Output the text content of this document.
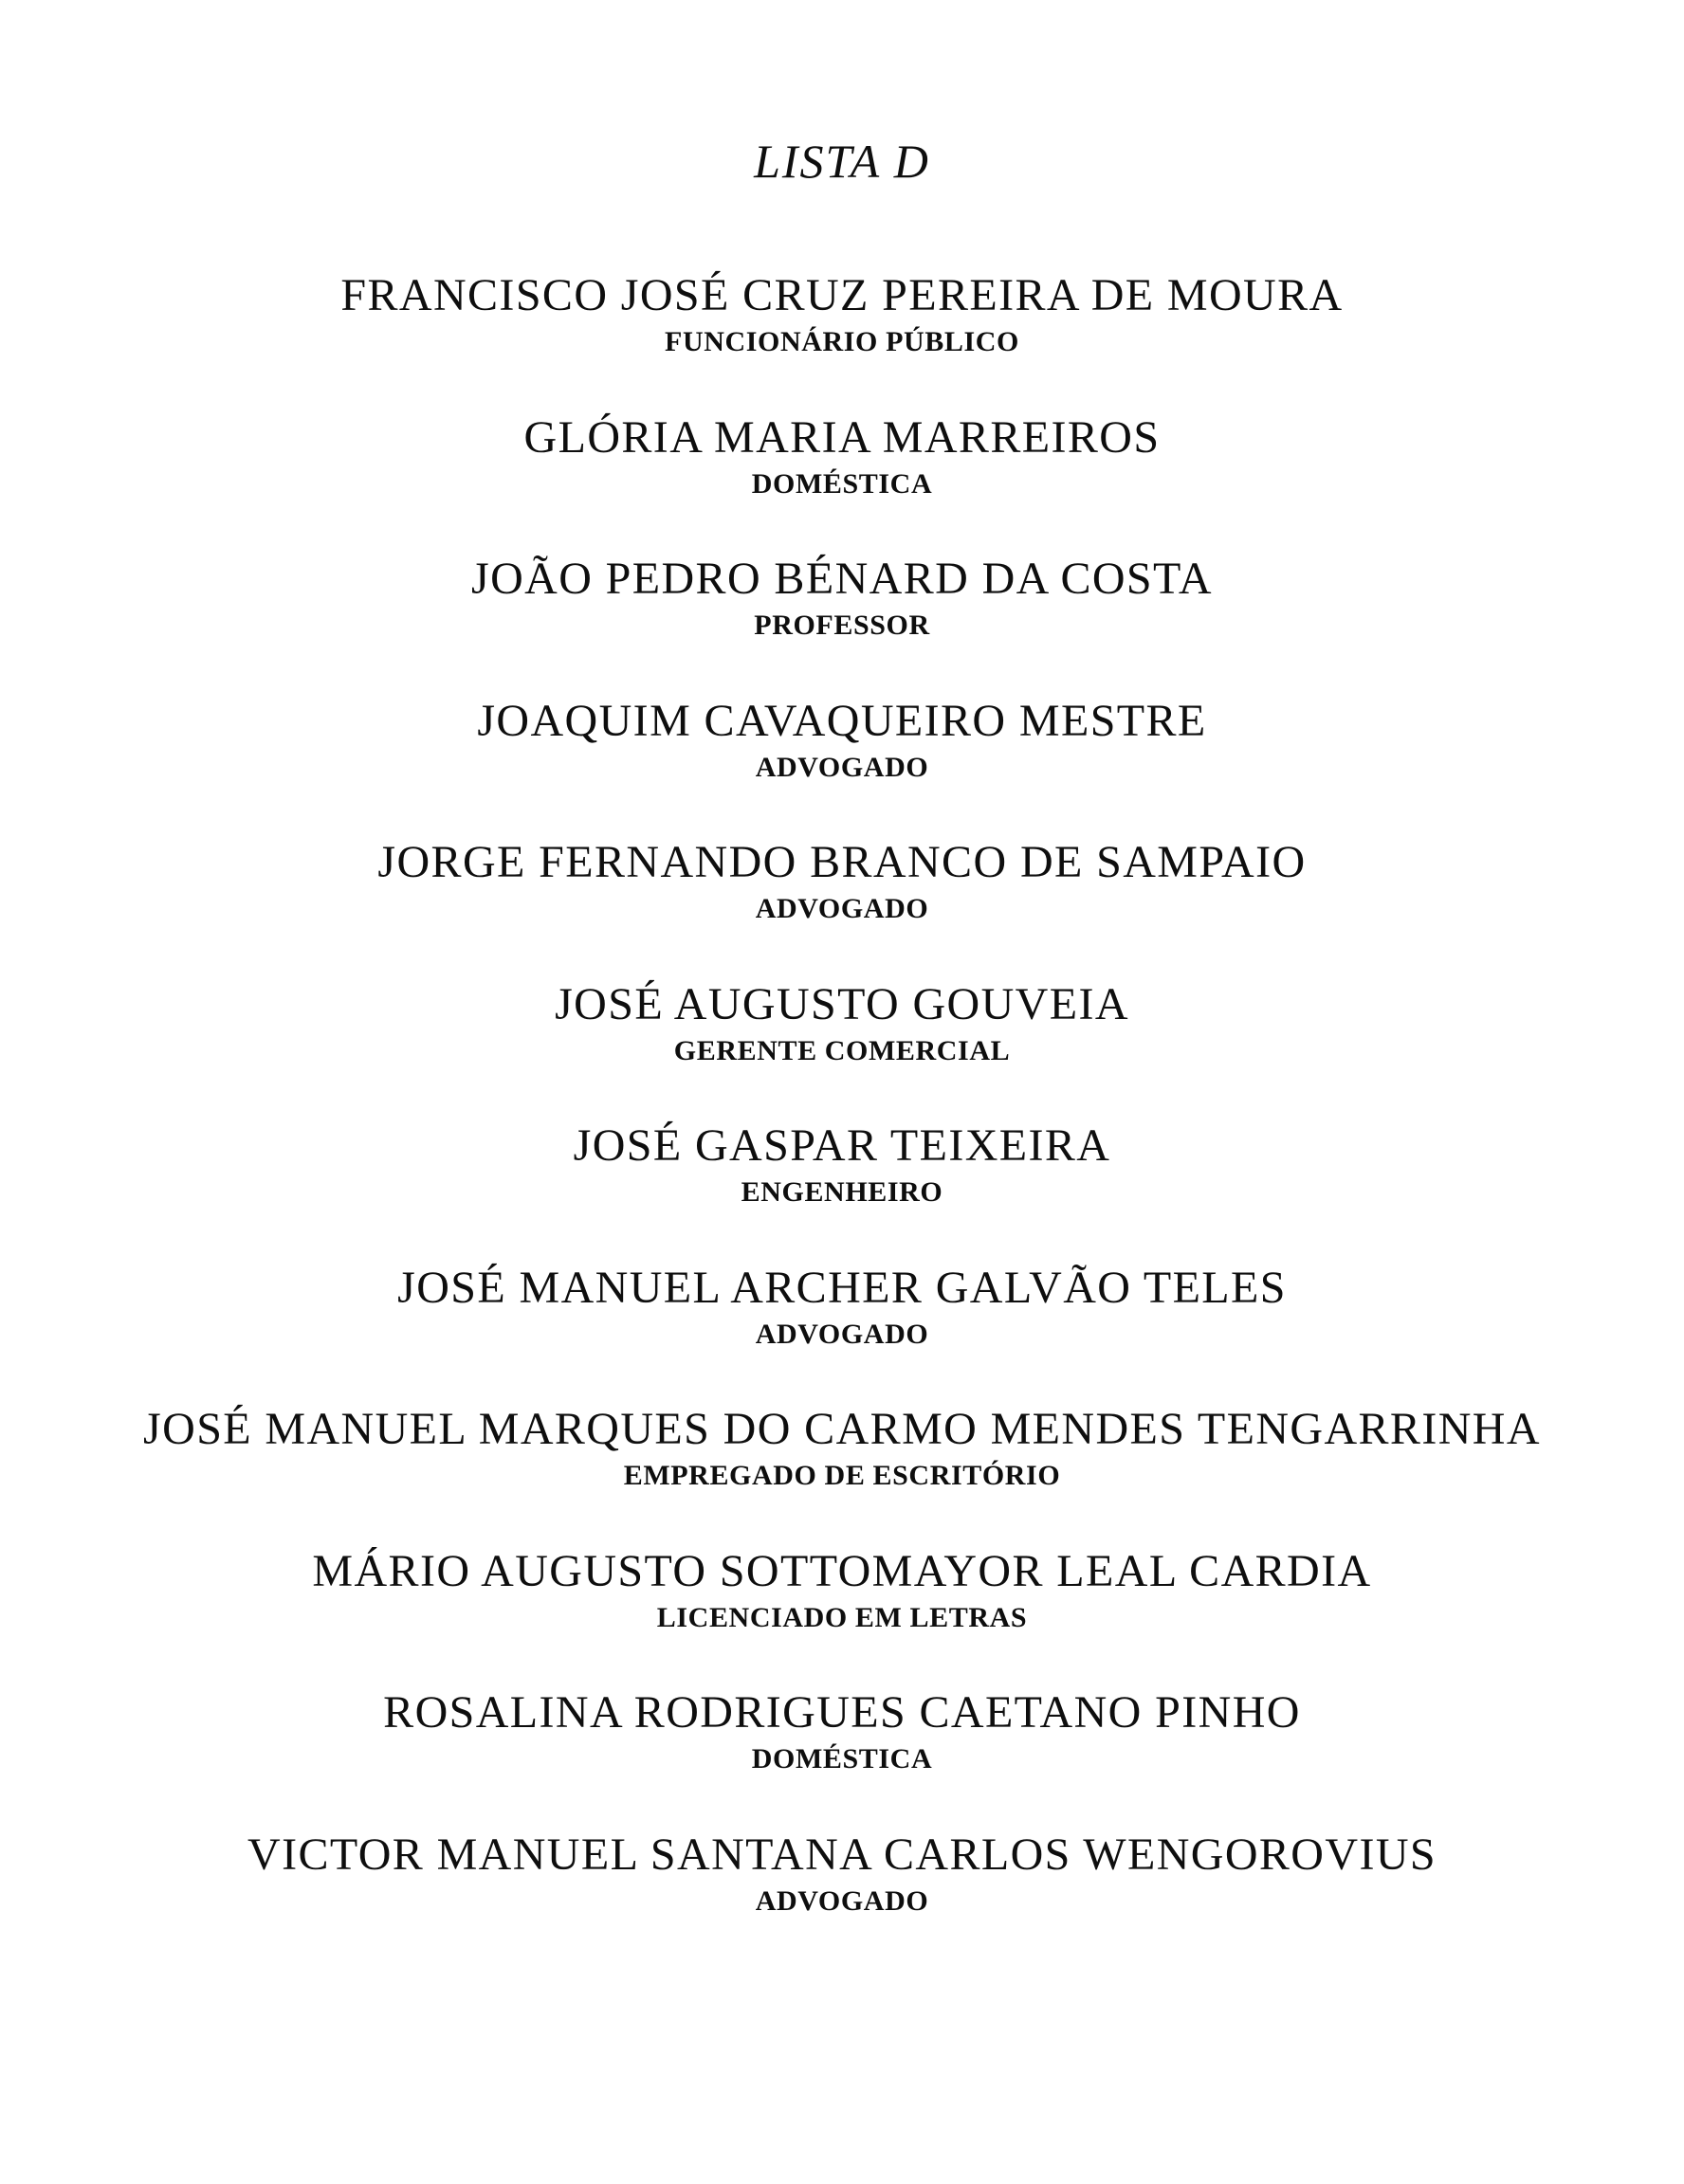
LISTA D
FRANCISCO JOSÉ CRUZ PEREIRA DE MOURA
FUNCIONÁRIO PÚBLICO
GLÓRIA MARIA MARREIROS
DOMÉSTICA
JOÃO PEDRO BÉNARD DA COSTA
PROFESSOR
JOAQUIM CAVAQUEIRO MESTRE
ADVOGADO
JORGE FERNANDO BRANCO DE SAMPAIO
ADVOGADO
JOSÉ AUGUSTO GOUVEIA
GERENTE COMERCIAL
JOSÉ GASPAR TEIXEIRA
ENGENHEIRO
JOSÉ MANUEL ARCHER GALVÃO TELES
ADVOGADO
JOSÉ MANUEL MARQUES DO CARMO MENDES TENGARRINHA
EMPREGADO DE ESCRITÓRIO
MÁRIO AUGUSTO SOTTOMAYOR LEAL CARDIA
LICENCIADO EM LETRAS
ROSALINA RODRIGUES CAETANO PINHO
DOMÉSTICA
VICTOR MANUEL SANTANA CARLOS WENGOROVIUS
ADVOGADO
